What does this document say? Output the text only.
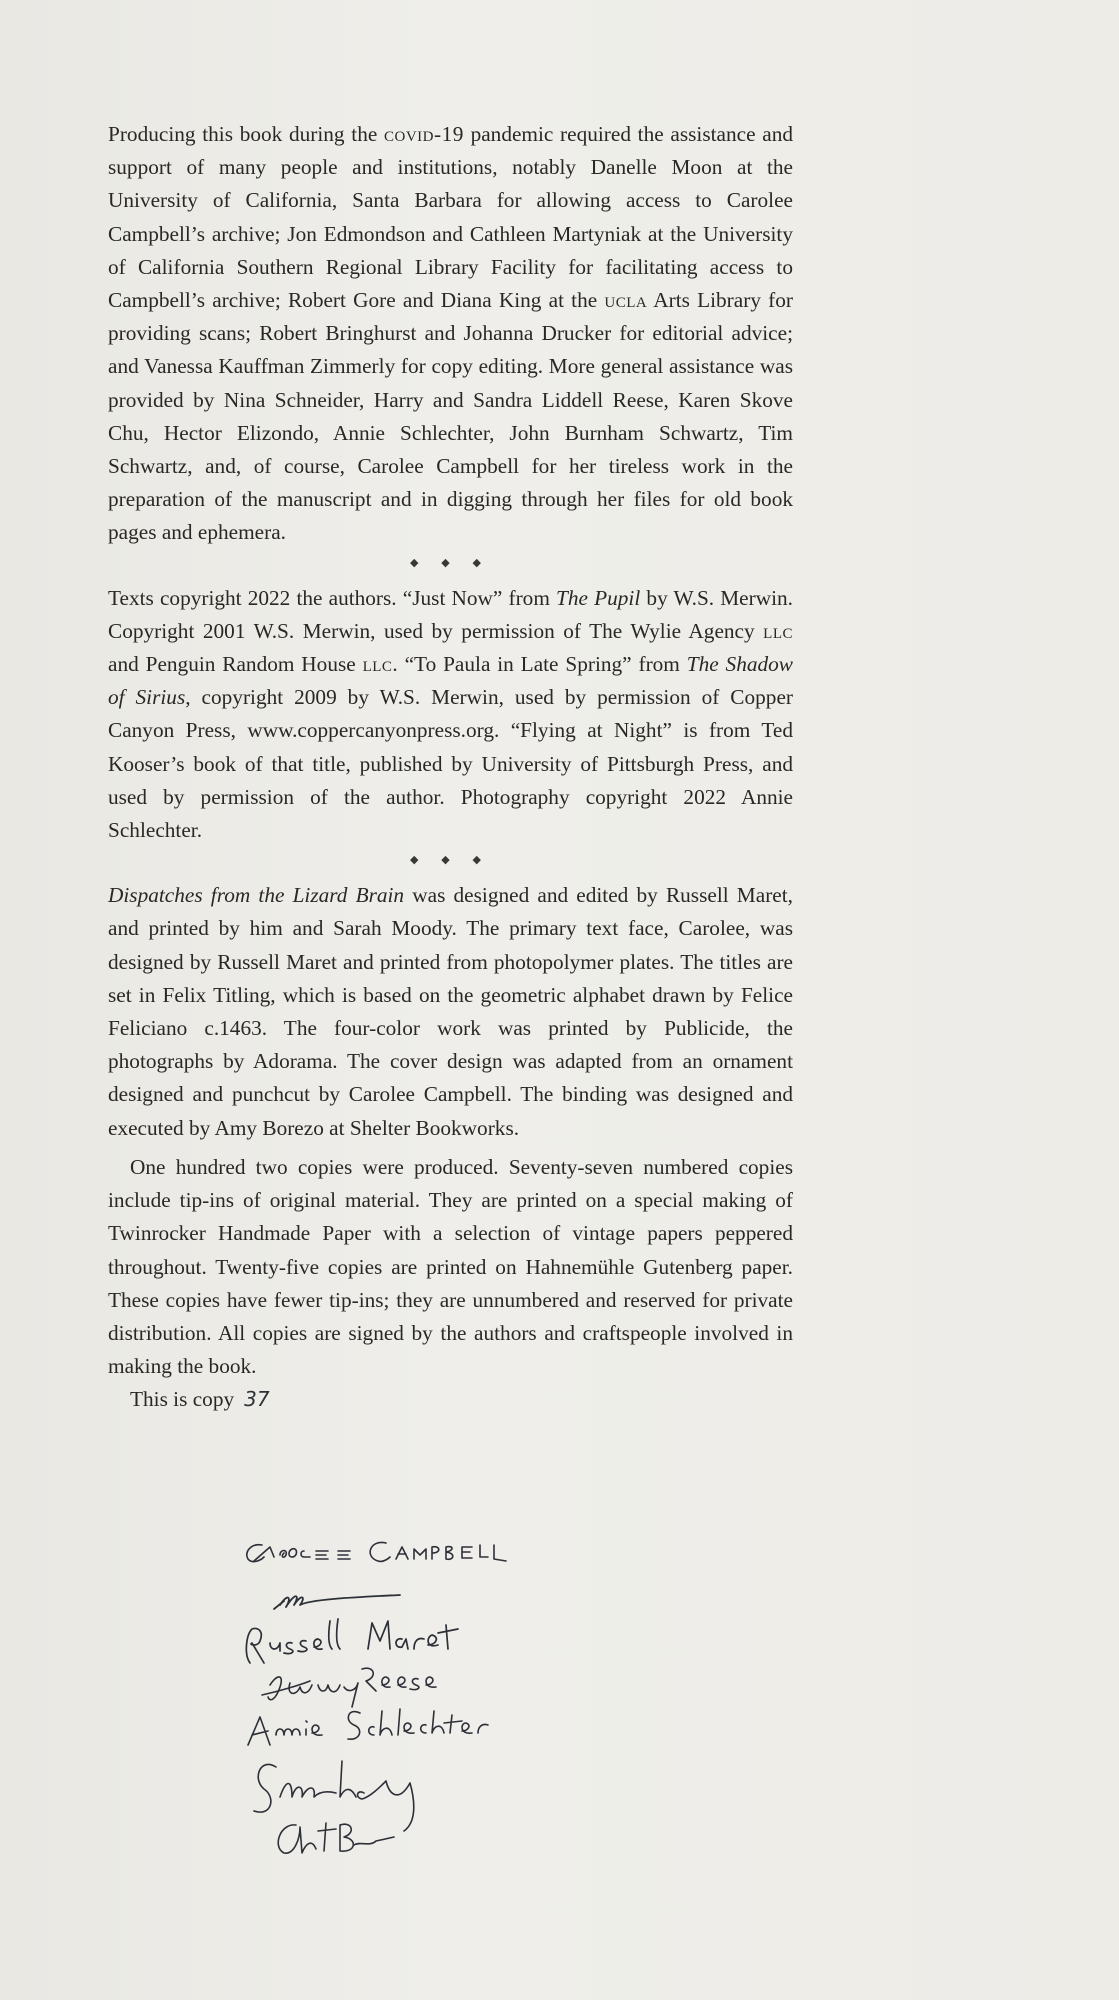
Producing this book during the covid-19 pandemic required the assistance and support of many people and institutions, notably Danelle Moon at the University of California, Santa Barbara for allowing access to Carolee Campbell’s archive; Jon Edmondson and Cathleen Martyniak at the University of California Southern Regional Library Facility for facilitating access to Campbell’s archive; Robert Gore and Diana King at the ucla Arts Library for providing scans; Robert Bringhurst and Johanna Drucker for editorial advice; and Vanessa Kauffman Zimmerly for copy editing. More general assistance was provided by Nina Schneider, Harry and Sandra Liddell Reese, Karen Skove Chu, Hector Elizondo, Annie Schlechter, John Burnham Schwartz, Tim Schwartz, and, of course, Carolee Campbell for her tireless work in the preparation of the manuscript and in digging through her files for old book pages and ephemera.

◆ ◆ ◆

Texts copyright 2022 the authors. “Just Now” from The Pupil by W.S. Merwin. Copyright 2001 W.S. Merwin, used by permission of The Wylie Agency llc and Penguin Random House llc. “To Paula in Late Spring” from The Shadow of Sirius, copyright 2009 by W.S. Merwin, used by permission of Copper Canyon Press, www.coppercanyonpress.org. “Flying at Night” is from Ted Kooser’s book of that title, published by University of Pittsburgh Press, and used by permission of the author. Photography copyright 2022 Annie Schlechter.

◆ ◆ ◆

Dispatches from the Lizard Brain was designed and edited by Russell Maret, and printed by him and Sarah Moody. The primary text face, Carolee, was designed by Russell Maret and printed from photopolymer plates. The titles are set in Felix Titling, which is based on the geometric alphabet drawn by Felice Feliciano c.1463. The four-color work was printed by Publicide, the photographs by Adorama. The cover design was adapted from an ornament designed and punchcut by Carolee Campbell. The binding was designed and executed by Amy Borezo at Shelter Bookworks.

One hundred two copies were produced. Seventy-seven numbered copies include tip-ins of original material. They are printed on a special making of Twinrocker Handmade Paper with a selection of vintage papers peppered throughout. Twenty-five copies are printed on Hahnemühle Gutenberg paper. These copies have fewer tip-ins; they are unnumbered and reserved for private distribution. All copies are signed by the authors and craftspeople involved in making the book.

This is copy 37
